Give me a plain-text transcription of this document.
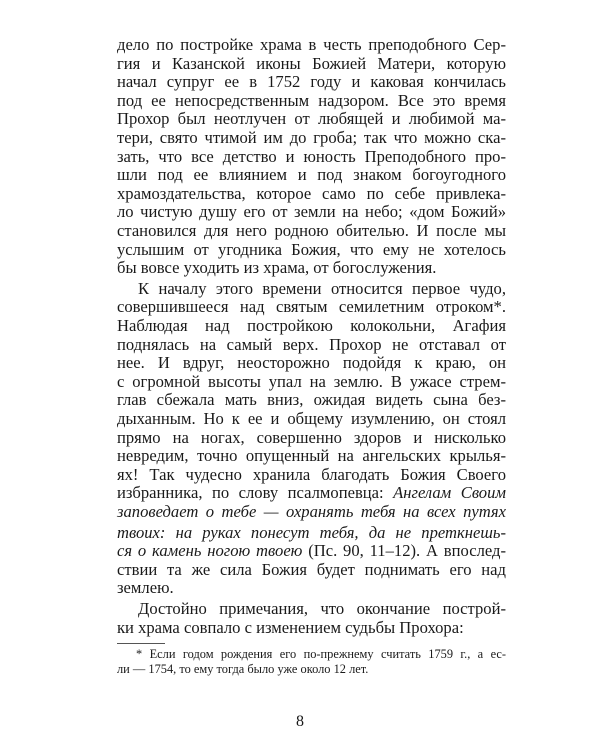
дело по постройке храма в честь преподобного Сер-
гия и Казанской иконы Божией Матери, которую
начал супруг ее в 1752 году и каковая кончилась
под ее непосредственным надзором. Все это время
Прохор был неотлучен от любящей и любимой ма-
тери, свято чтимой им до гроба; так что можно ска-
зать, что все детство и юность Преподобного про-
шли под ее влиянием и под знаком богоугодного
храмоздательства, которое само по себе привлека-
ло чистую душу его от земли на небо; «дом Божий»
становился для него родною обителью. И после мы
услышим от угодника Божия, что ему не хотелось
бы вовсе уходить из храма, от богослужения.
К началу этого времени относится первое чудо,
совершившееся над святым семилетним отроком*.
Наблюдая над постройкою колокольни, Агафия
поднялась на самый верх. Прохор не отставал от
нее. И вдруг, неосторожно подойдя к краю, он
с огромной высоты упал на землю. В ужасе стрем-
глав сбежала мать вниз, ожидая видеть сына без-
дыханным. Но к ее и общему изумлению, он стоял
прямо на ногах, совершенно здоров и нисколько
невредим, точно опущенный на ангельских крылья-
ях! Так чудесно хранила благодать Божия Своего
избранника, по слову псалмопевца: Ангелам Своим
заповедает о тебе — охранять тебя на всех путях
твоих: на руках понесут тебя, да не преткнешь-
ся о камень ногою твоею (Пс. 90, 11–12). А впослед-
ствии та же сила Божия будет поднимать его над
землею.
Достойно примечания, что окончание построй-
ки храма совпало с изменением судьбы Прохора:
* Если годом рождения его по-прежнему считать 1759 г., а ес-
ли — 1754, то ему тогда было уже около 12 лет.
8
